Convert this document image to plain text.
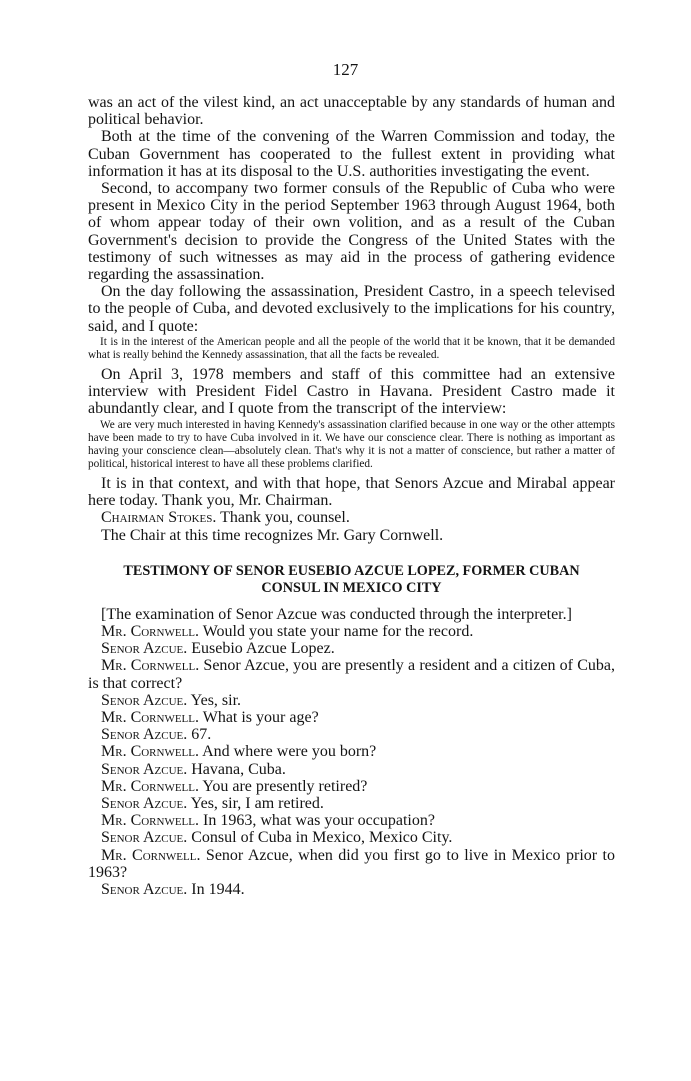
127

was an act of the vilest kind, an act unacceptable by any standards of human and political behavior.

Both at the time of the convening of the Warren Commission and today, the Cuban Government has cooperated to the fullest extent in providing what information it has at its disposal to the U.S. authorities investigating the event.

Second, to accompany two former consuls of the Republic of Cuba who were present in Mexico City in the period September 1963 through August 1964, both of whom appear today of their own volition, and as a result of the Cuban Government's decision to provide the Congress of the United States with the testimony of such witnesses as may aid in the process of gathering evidence regarding the assassination.

On the day following the assassination, President Castro, in a speech televised to the people of Cuba, and devoted exclusively to the implications for his country, said, and I quote:

It is in the interest of the American people and all the people of the world that it be known, that it be demanded what is really behind the Kennedy assassination, that all the facts be revealed.

On April 3, 1978 members and staff of this committee had an extensive interview with President Fidel Castro in Havana. President Castro made it abundantly clear, and I quote from the transcript of the interview:

We are very much interested in having Kennedy's assassination clarified because in one way or the other attempts have been made to try to have Cuba involved in it. We have our conscience clear. There is nothing as important as having your conscience clean—absolutely clean. That's why it is not a matter of conscience, but rather a matter of political, historical interest to have all these problems clarified.

It is in that context, and with that hope, that Senors Azcue and Mirabal appear here today. Thank you, Mr. Chairman.

Chairman Stokes. Thank you, counsel.

The Chair at this time recognizes Mr. Gary Cornwell.

TESTIMONY OF SENOR EUSEBIO AZCUE LOPEZ, FORMER CUBAN CONSUL IN MEXICO CITY

[The examination of Senor Azcue was conducted through the interpreter.]

Mr. Cornwell. Would you state your name for the record.

Senor Azcue. Eusebio Azcue Lopez.

Mr. Cornwell. Senor Azcue, you are presently a resident and a citizen of Cuba, is that correct?

Senor Azcue. Yes, sir.

Mr. Cornwell. What is your age?

Senor Azcue. 67.

Mr. Cornwell. And where were you born?

Senor Azcue. Havana, Cuba.

Mr. Cornwell. You are presently retired?

Senor Azcue. Yes, sir, I am retired.

Mr. Cornwell. In 1963, what was your occupation?

Senor Azcue. Consul of Cuba in Mexico, Mexico City.

Mr. Cornwell. Senor Azcue, when did you first go to live in Mexico prior to 1963?

Senor Azcue. In 1944.
